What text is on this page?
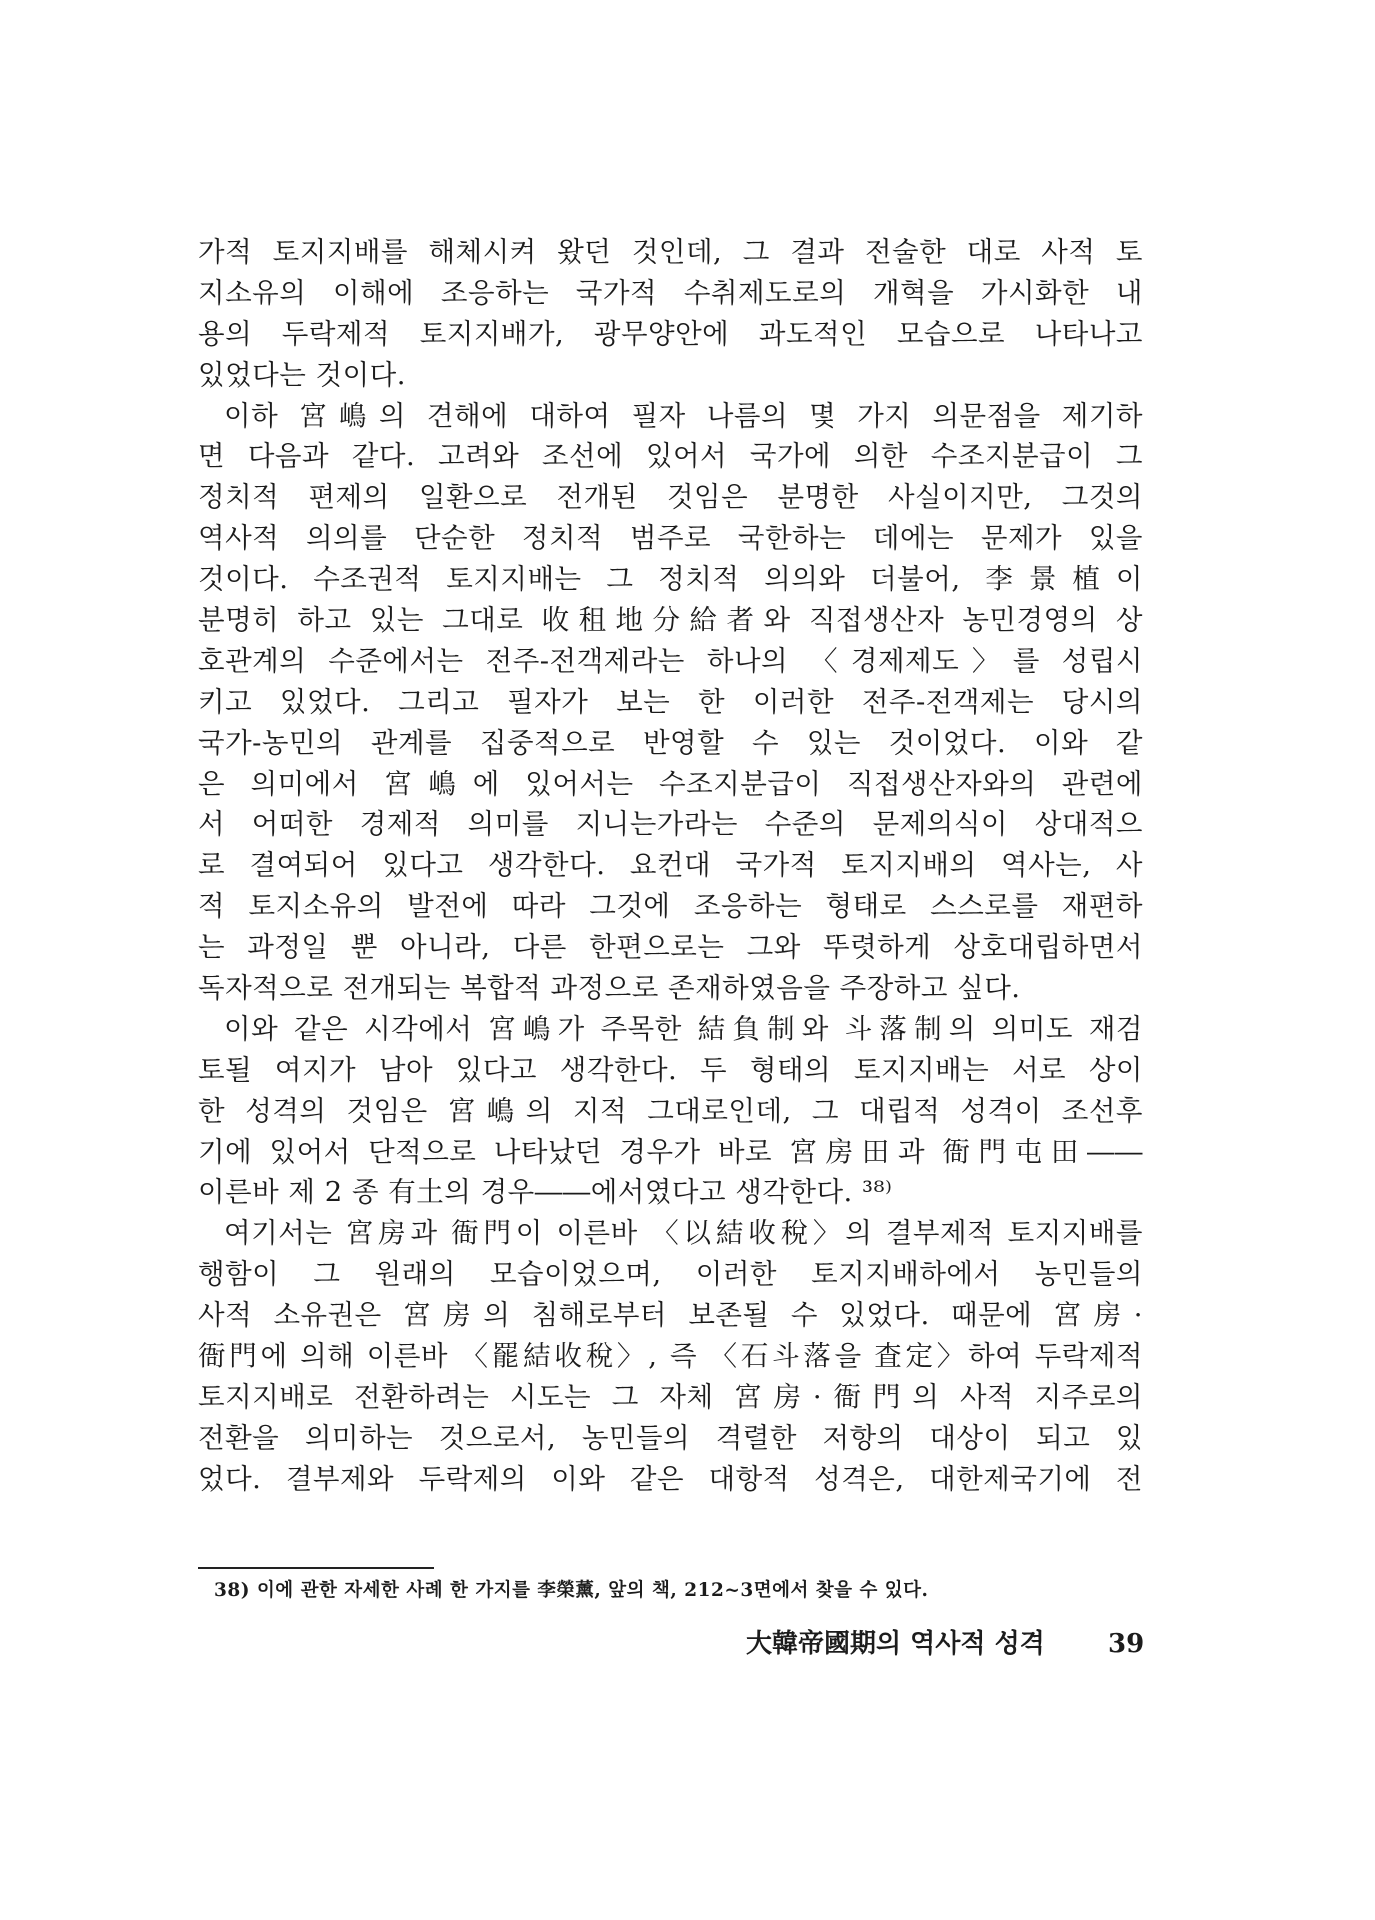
가적 토지지배를 해체시켜 왔던 것인데, 그 결과 전술한 대로 사적 토
지소유의 이해에 조응하는 국가적 수취제도로의 개혁을 가시화한 내
용의 두락제적 토지지배가, 광무양안에 과도적인 모습으로 나타나고
있었다는 것이다.
이하 宮嶋의 견해에 대하여 필자 나름의 몇 가지 의문점을 제기하
면 다음과 같다. 고려와 조선에 있어서 국가에 의한 수조지분급이 그
정치적 편제의 일환으로 전개된 것임은 분명한 사실이지만, 그것의
역사적 의의를 단순한 정치적 범주로 국한하는 데에는 문제가 있을
것이다. 수조권적 토지지배는 그 정치적 의의와 더불어, 李景植이
분명히 하고 있는 그대로 收租地分給者와 직접생산자 농민경영의 상
호관계의 수준에서는 전주-전객제라는 하나의 〈경제제도〉를 성립시
키고 있었다. 그리고 필자가 보는 한 이러한 전주-전객제는 당시의
국가-농민의 관계를 집중적으로 반영할 수 있는 것이었다. 이와 같
은 의미에서 宮嶋에 있어서는 수조지분급이 직접생산자와의 관련에
서 어떠한 경제적 의미를 지니는가라는 수준의 문제의식이 상대적으
로 결여되어 있다고 생각한다. 요컨대 국가적 토지지배의 역사는, 사
적 토지소유의 발전에 따라 그것에 조응하는 형태로 스스로를 재편하
는 과정일 뿐 아니라, 다른 한편으로는 그와 뚜렷하게 상호대립하면서
독자적으로 전개되는 복합적 과정으로 존재하였음을 주장하고 싶다.
이와 같은 시각에서 宮嶋가 주목한 結負制와 斗落制의 의미도 재검
토될 여지가 남아 있다고 생각한다. 두 형태의 토지지배는 서로 상이
한 성격의 것임은 宮嶋의 지적 그대로인데, 그 대립적 성격이 조선후
기에 있어서 단적으로 나타났던 경우가 바로 宮房田과 衙門屯田――
이른바 제 2 종 有土의 경우――에서였다고 생각한다. ³⁸⁾
여기서는 宮房과 衙門이 이른바 〈以結收稅〉의 결부제적 토지지배를
행함이 그 원래의 모습이었으며, 이러한 토지지배하에서 농민들의
사적 소유권은 宮房의 침해로부터 보존될 수 있었다. 때문에 宮房·
衙門에 의해 이른바 〈罷結收稅〉, 즉 〈石斗落을 査定〉하여 두락제적
토지지배로 전환하려는 시도는 그 자체 宮房·衙門의 사적 지주로의
전환을 의미하는 것으로서, 농민들의 격렬한 저항의 대상이 되고 있
었다. 결부제와 두락제의 이와 같은 대항적 성격은, 대한제국기에 전
38) 이에 관한 자세한 사례 한 가지를 李榮薰, 앞의 책, 212~3면에서 찾을 수 있다.
大韓帝國期의 역사적 성격 39
